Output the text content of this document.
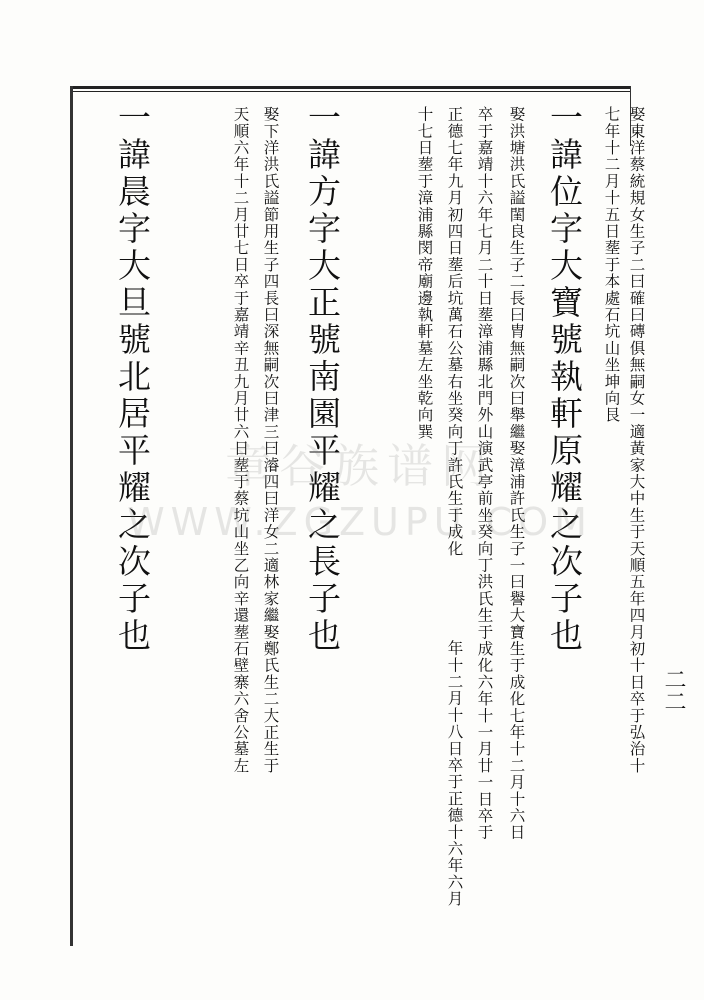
娶東洋蔡統規女生子二曰確曰磚俱無嗣女一適黃家大中生于天順五年四月初十日卒于弘治十
七年十二月十五日塟于本處石坑山坐坤向艮
一諱位字大寶號執軒原耀之次子也
娶洪塘洪氏謚閨良生子二長曰胄無嗣次曰舉繼娶漳浦許氏生子一曰譽大寶生于成化七年十二月十六日
卒于嘉靖十六年七月二十日塟漳浦縣北門外山演武亭前坐癸向丁洪氏生于成化六年十一月廿一日卒于
正德七年九月初四日塟后坑萬石公墓右坐癸向丁許氏生于成化
年十二月十八日卒于正德十六年六月
十七日塟于漳浦縣閔帝廟邊執軒墓左坐乾向巽
一諱方字大正號南園平耀之長子也
娶下洋洪氏謚節用生子四長曰深無嗣次曰津三曰濬四曰洋女二適林家繼娶鄭氏生二大正生于
天順六年十二月廿七日卒于嘉靖辛丑九月廿六日塟于蔡坑山坐乙向辛還塟石壁寨六舍公墓左
一諱晨字大旦號北居平耀之次子也
二二
章谷族谱网
WWW.ZGZUPU.COM
